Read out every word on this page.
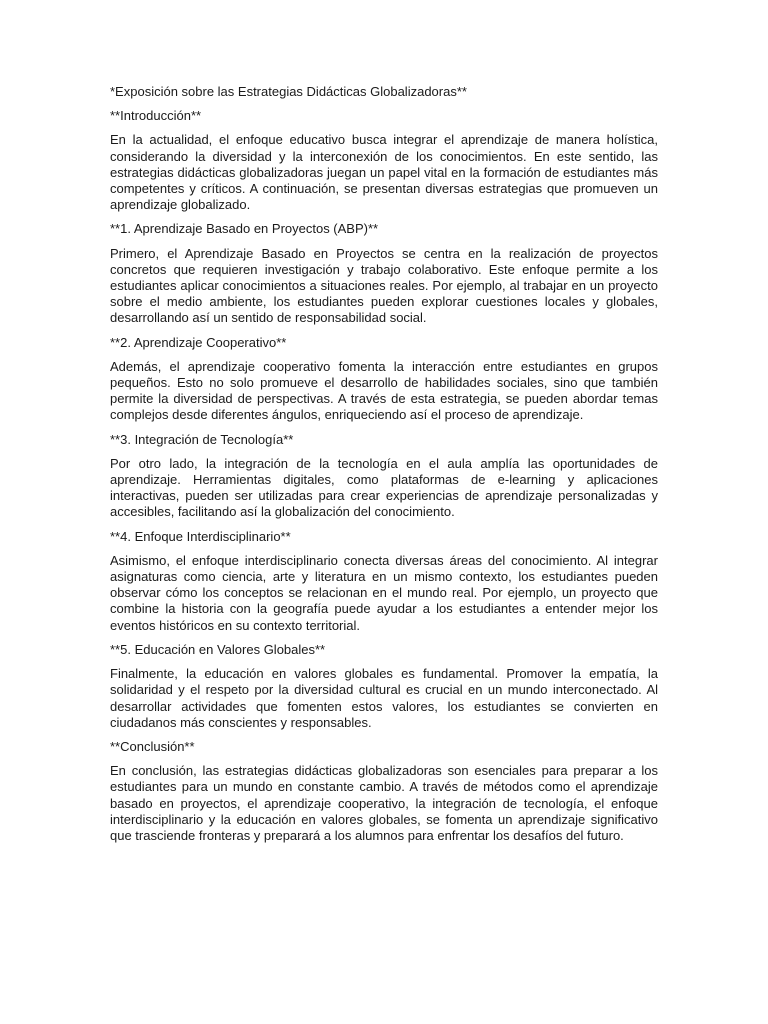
*Exposición sobre las Estrategias Didácticas Globalizadoras**

**Introducción**

En la actualidad, el enfoque educativo busca integrar el aprendizaje de manera holística, considerando la diversidad y la interconexión de los conocimientos. En este sentido, las estrategias didácticas globalizadoras juegan un papel vital en la formación de estudiantes más competentes y críticos. A continuación, se presentan diversas estrategias que promueven un aprendizaje globalizado.

**1. Aprendizaje Basado en Proyectos (ABP)**

Primero, el Aprendizaje Basado en Proyectos se centra en la realización de proyectos concretos que requieren investigación y trabajo colaborativo. Este enfoque permite a los estudiantes aplicar conocimientos a situaciones reales. Por ejemplo, al trabajar en un proyecto sobre el medio ambiente, los estudiantes pueden explorar cuestiones locales y globales, desarrollando así un sentido de responsabilidad social.

**2. Aprendizaje Cooperativo**

Además, el aprendizaje cooperativo fomenta la interacción entre estudiantes en grupos pequeños. Esto no solo promueve el desarrollo de habilidades sociales, sino que también permite la diversidad de perspectivas. A través de esta estrategia, se pueden abordar temas complejos desde diferentes ángulos, enriqueciendo así el proceso de aprendizaje.

**3. Integración de Tecnología**

Por otro lado, la integración de la tecnología en el aula amplía las oportunidades de aprendizaje. Herramientas digitales, como plataformas de e-learning y aplicaciones interactivas, pueden ser utilizadas para crear experiencias de aprendizaje personalizadas y accesibles, facilitando así la globalización del conocimiento.

**4. Enfoque Interdisciplinario**

Asimismo, el enfoque interdisciplinario conecta diversas áreas del conocimiento. Al integrar asignaturas como ciencia, arte y literatura en un mismo contexto, los estudiantes pueden observar cómo los conceptos se relacionan en el mundo real. Por ejemplo, un proyecto que combine la historia con la geografía puede ayudar a los estudiantes a entender mejor los eventos históricos en su contexto territorial.

**5. Educación en Valores Globales**

Finalmente, la educación en valores globales es fundamental. Promover la empatía, la solidaridad y el respeto por la diversidad cultural es crucial en un mundo interconectado. Al desarrollar actividades que fomenten estos valores, los estudiantes se convierten en ciudadanos más conscientes y responsables.

**Conclusión**

En conclusión, las estrategias didácticas globalizadoras son esenciales para preparar a los estudiantes para un mundo en constante cambio. A través de métodos como el aprendizaje basado en proyectos, el aprendizaje cooperativo, la integración de tecnología, el enfoque interdisciplinario y la educación en valores globales, se fomenta un aprendizaje significativo que trasciende fronteras y preparará a los alumnos para enfrentar los desafíos del futuro.
